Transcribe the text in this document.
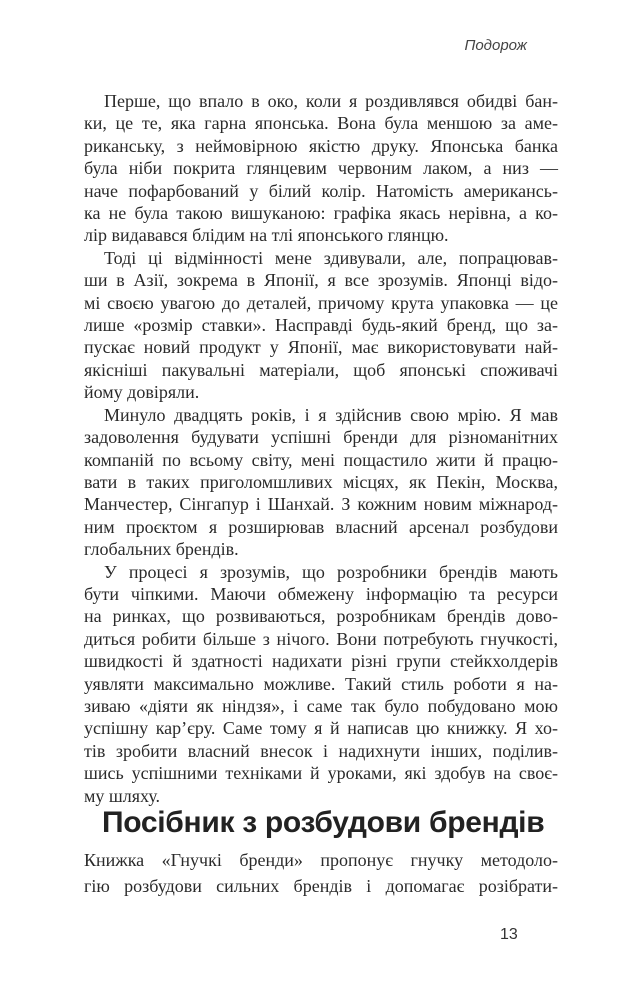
Подорож
Перше, що впало в око, коли я роздивлявся обидві бан-
ки, це те, яка гарна японська. Вона була меншою за аме-
риканську, з неймовірною якістю друку. Японська банка
була ніби покрита глянцевим червоним лаком, а низ —
наче пофарбований у білий колір. Натомість американсь-
ка не була такою вишуканою: графіка якась нерівна, а ко-
лір видавався блідим на тлі японського глянцю.
Тоді ці відмінності мене здивували, але, попрацював-
ши в Азії, зокрема в Японії, я все зрозумів. Японці відо-
мі своєю увагою до деталей, причому крута упаковка — це
лише «розмір ставки». Насправді будь-який бренд, що за-
пускає новий продукт у Японії, має використовувати най-
якісніші пакувальні матеріали, щоб японські споживачі
йому довіряли.
Минуло двадцять років, і я здійснив свою мрію. Я мав
задоволення будувати успішні бренди для різноманітних
компаній по всьому світу, мені пощастило жити й працю-
вати в таких приголомшливих місцях, як Пекін, Москва,
Манчестер, Сінгапур і Шанхай. З кожним новим міжнарод-
ним проєктом я розширював власний арсенал розбудови
глобальних брендів.
У процесі я зрозумів, що розробники брендів мають
бути чіпкими. Маючи обмежену інформацію та ресурси
на ринках, що розвиваються, розробникам брендів дово-
диться робити більше з нічого. Вони потребують гнучкості,
швидкості й здатності надихати різні групи стейкхолдерів
уявляти максимально можливе. Такий стиль роботи я на-
зиваю «діяти як ніндзя», і саме так було побудовано мою
успішну кар’єру. Саме тому я й написав цю книжку. Я хо-
тів зробити власний внесок і надихнути інших, поділив-
шись успішними техніками й уроками, які здобув на своє-
му шляху.
Посібник з розбудови брендів
Книжка «Гнучкі бренди» пропонує гнучку методоло-
гію розбудови сильних брендів і допомагає розібрати-
13
